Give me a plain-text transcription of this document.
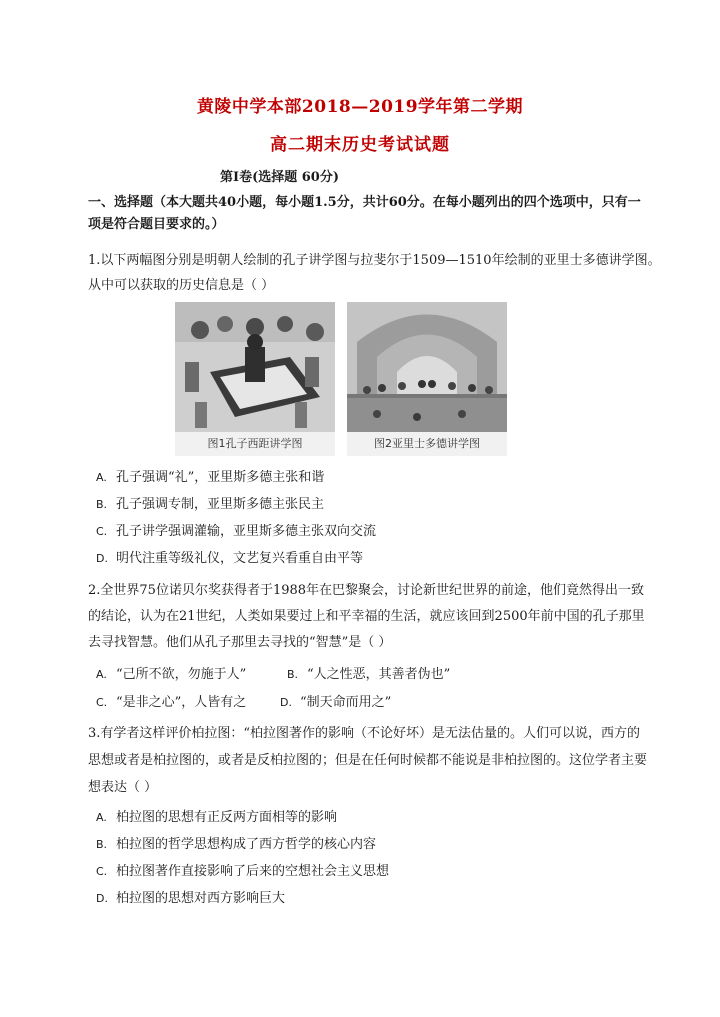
黄陵中学本部2018—2019学年第二学期
高二期末历史考试试题
第Ⅰ卷(选择题 60分)
一、选择题（本大题共40小题，每小题1.5分，共计60分。在每小题列出的四个选项中，只有一
项是符合题目要求的。）
1.以下两幅图分别是明朝人绘制的孔子讲学图与拉斐尔于1509—1510年绘制的亚里士多德讲学图。
从中可以获取的历史信息是（ ）
图1孔子西距讲学图	图2亚里士多德讲学图
A. 孔子强调“礼”，亚里斯多德主张和谐
B. 孔子强调专制，亚里斯多德主张民主
C. 孔子讲学强调灌输，亚里斯多德主张双向交流
D. 明代注重等级礼仪，文艺复兴看重自由平等
2.全世界75位诺贝尔奖获得者于1988年在巴黎聚会，讨论新世纪世界的前途，他们竟然得出一致
的结论，认为在21世纪，人类如果要过上和平幸福的生活，就应该回到2500年前中国的孔子那里
去寻找智慧。他们从孔子那里去寻找的“智慧”是（ ）
A. “己所不欲，勿施于人”	B. “人之性恶，其善者伪也”
C. “是非之心”，人皆有之	D. “制天命而用之”
3.有学者这样评价柏拉图：“柏拉图著作的影响（不论好坏）是无法估量的。人们可以说，西方的
思想或者是柏拉图的，或者是反柏拉图的；但是在任何时候都不能说是非柏拉图的。这位学者主要
想表达（ ）
A. 柏拉图的思想有正反两方面相等的影响
B. 柏拉图的哲学思想构成了西方哲学的核心内容
C. 柏拉图著作直接影响了后来的空想社会主义思想
D. 柏拉图的思想对西方影响巨大
